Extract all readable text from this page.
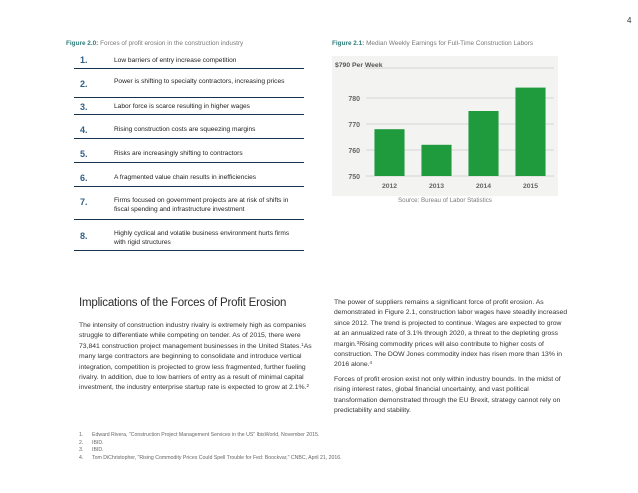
4
Figure 2.0: Forces of profit erosion in the construction industry	Figure 2.1: Median Weekly Earnings for Full-Time Construction Labors
1.	Low barriers of entry increase competition
2.	Power is shifting to specialty contractors, increasing prices
3.	Labor force is scarce resulting in higher wages
4.	Rising construction costs are squeezing margins
5.	Risks are increasingly shifting to contractors
6.	A fragmented value chain results in inefficiencies
7.	Firms focused on government projects are at risk of shifts in fiscal spending and infrastructure investment
8.	Highly cyclical and volatile business environment hurts firms with rigid structures
750
760
770
780
$790 Per Week
2012	2013	2014	2015
Source: Bureau of Labor Statistics
Implications of the Forces of Profit Erosion
The intensity of construction industry rivalry is extremely high as companies struggle to differentiate while competing on tender. As of 2015, there were 73,841 construction project management businesses in the United States.$^1$As many large contractors are beginning to consolidate and introduce vertical integration, competition is projected to grow less fragmented, further fueling rivalry. In addition, due to low barriers of entry as a result of minimal capital investment, the industry enterprise startup rate is expected to grow at 2.1%.$^2$
The power of suppliers remains a significant force of profit erosion. As demonstrated in Figure 2.1, construction labor wages have steadily increased since 2012. The trend is projected to continue. Wages are expected to grow at an annualized rate of 3.1% through 2020, a threat to the depleting gross margin.$^3$Rising commodity prices will also contribute to higher costs of construction. The DOW Jones commodity index has risen more than 13% in 2016 alone.$^4$
Forces of profit erosion exist not only within industry bounds. In the midst of rising interest rates, global financial uncertainty, and vast political transformation demonstrated through the EU Brexit, strategy cannot rely on predictability and stability.
1. Edward Rivera, "Construction Project Management Services in the US" IbisWorld, November 2015.
2. IBID.
3. IBID.
4. Tom DiChristopher, "Rising Commodity Prices Could Spell Trouble for Fed: Boockvar," CNBC, April 21, 2016.
